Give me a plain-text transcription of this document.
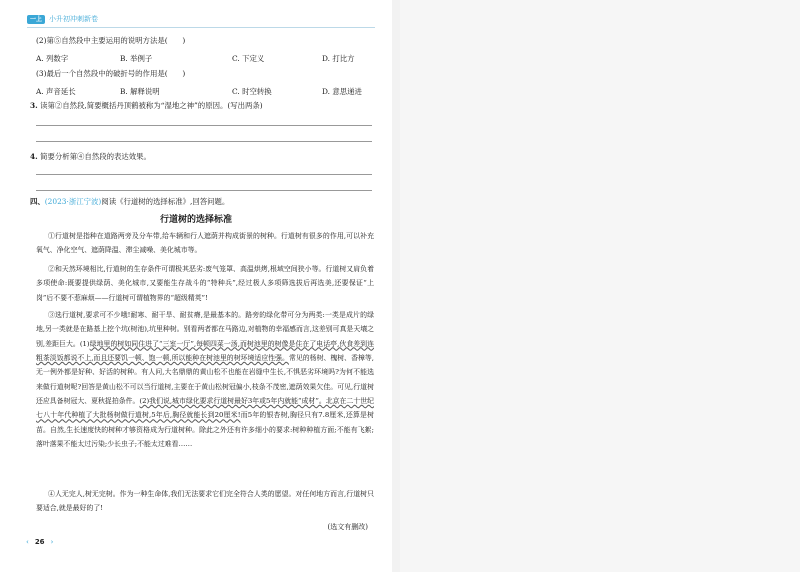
一上	小升初冲刺新卷
(2)第⑤自然段中主要运用的说明方法是(　　)
A. 列数字	B. 举例子	C. 下定义	D. 打比方
(3)最后一个自然段中的破折号的作用是(　　)
A. 声音延长	B. 解释说明	C. 时空转换	D. 意思递进
3. 读第②自然段,简要概括丹顶鹤被称为“湿地之神”的原因。(写出两条)
4. 简要分析第④自然段的表达效果。
四、(2023·浙江宁波)阅读《行道树的选择标准》,回答问题。
行道树的选择标准
①行道树是指种在道路两旁及分车带,给车辆和行人遮荫并构成街景的树种。行道树有很多的作用,可以补充氧气、净化空气、遮荫降温、滞尘减噪、美化城市等。
②和天然环境相比,行道树的生存条件可谓极其恶劣:废气笼罩、高温烘烤,根域空间狭小等。行道树又肩负着多项使命:既要提供绿荫、美化城市,又要能生存战斗的“特种兵”,经过极人多项筛选拔后再选美,还要保证“上岗”后不要不惹麻烦——行道树可谓植物界的“超级精英”!
③选行道树,要求可不少哦!耐寒、耐干旱、耐贫瘠,是最基本的。路旁的绿化带可分为两类:一类是成片的绿地,另一类就是在路基上挖个坑(树池),坑里种树。别看两者都在马路边,对植物的幸福感而言,这差别可真是天壤之别,差距巨大。(1)绿地里的树如同住进了“三室一厅”,每顿四菜一汤,而树池里的树像是住在了电话亭,伙食差到连粗茶淡饭都说不上,而且还要饥一顿、饱一顿,所以能种在树池里的树环境适应性强。常见的杨树、槐树、香樟等,无一例外都是好种、好活的树种。有人问,大名鼎鼎的黄山松不也能在岩缝中生长,不惧恶劣环境吗?为何不能选来做行道树呢?回答是黄山松不可以当行道树,主要在于黄山松树冠偏小,枝条不茂密,遮荫效果欠佳。可见,行道树还应具备树冠大、夏秋捉拍条件。(2)我们说,城市绿化要求行道树最好3年或5年内就能“成材”。北京在二十世纪七八十年代种植了大批杨树做行道树,5年后,胸径就能长到20厘米!而5年的银杏树,胸径只有7.8厘米,还算是树苗。自然,生长速度快的树种才够资格成为行道树种。除此之外还有许多细小的要求:树种种植方面;不能有飞絮;落叶落果不能太过污染;少长虫子;不能太过难看……
④人无完人,树无完树。作为一种生命体,我们无法要求它们完全符合人类的愿望。对任何地方而言,行道树只要适合,就是最好的了!
(选文有删改)
‹ 26 ›
